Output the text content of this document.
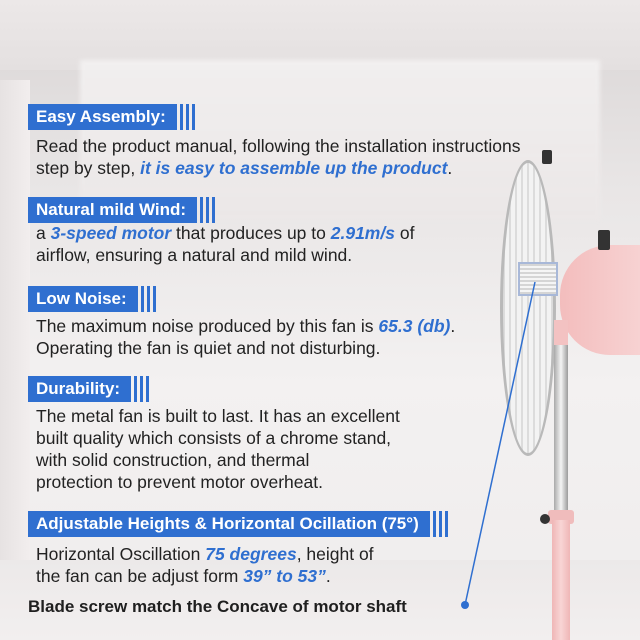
Easy Assembly:
Read the product manual, following the installation instructions
step by step, it is easy to assemble up the product.
Natural mild Wind:
a 3-speed motor that produces up to 2.91m/s of
airflow, ensuring a natural and mild wind.
Low Noise:
The maximum noise produced by this fan is 65.3 (db).
Operating the fan is quiet and not disturbing.
Durability:
The metal fan is built to last. It has an excellent
built quality which consists of a chrome stand,
with solid construction, and thermal
protection to prevent motor overheat.
Adjustable Heights & Horizontal Ocillation (75°)
Horizontal Oscillation 75 degrees, height of
the fan can be adjust form 39” to 53”.
Blade screw match the Concave of motor shaft
